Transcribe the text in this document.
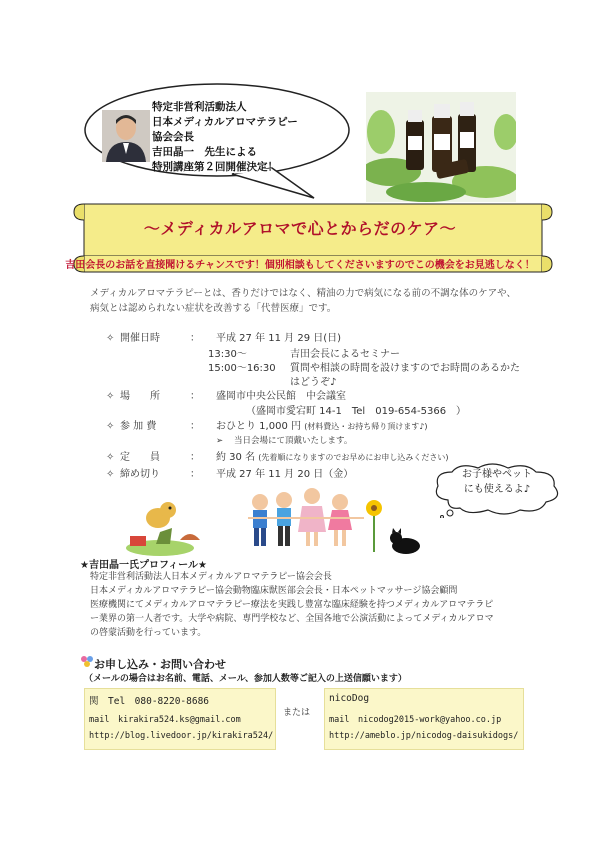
特定非営利活動法人
日本メディカルアロマテラピー
協会会長
吉田晶一　先生による
特別講座第２回開催決定！
～メディカルアロマで心とからだのケア～
吉田会長のお話を直接聞けるチャンスです！個別相談もしてくださいますのでこの機会をお見逃しなく！
メディカルアロマテラピーとは、香りだけではなく、精油の力で病気になる前の不調な体のケアや、
病気とは認められない症状を改善する「代替医療」です。
✧ 開催日時	： 平成 27 年 11 月 29 日(日)
13:30～	吉田会長によるセミナー
15:00～16:30 質問や相談の時間を設けますのでお時間のあるかた
はどうぞ♪
✧ 場　　所	： 盛岡市中央公民館　中会議室
（盛岡市愛宕町 14-1　Tel　019-654-5366　）
✧ 参 加 費	： おひとり 1,000 円 (材料費込・お持ち帰り頂けます♪)
➢ 当日会場にて頂戴いたします。
✧ 定　　員	： 約 30 名 (先着順になりますのでお早めにお申し込みください)
✧ 締め切り	： 平成 27 年 11 月 20 日（金）	お子様やペット
にも使えるよ♪
★吉田晶一氏プロフィール★
特定非営利活動法人日本メディカルアロマテラピー協会会長
日本メディカルアロマテラピー協会動物臨床獣医部会会長・日本ペットマッサージ協会顧問
医療機関にてメディカルアロマテラピー療法を実践し豊富な臨床経験を持つメディカルアロマテラピ
ー業界の第一人者です。大学や病院、専門学校など、全国各地で公演活動によってメディカルアロマ
の啓蒙活動を行っています。
お申し込み・お問い合わせ
（メールの場合はお名前、電話、メール、参加人数等ご記入の上送信願います）
関　Tel　080-8220-8686
mail　kirakira524.ks@gmail.com
http://blog.livedoor.jp/kirakira524/
または
nicoDog
mail　nicodog2015-work@yahoo.co.jp
http://ameblo.jp/nicodog-daisukidogs/
